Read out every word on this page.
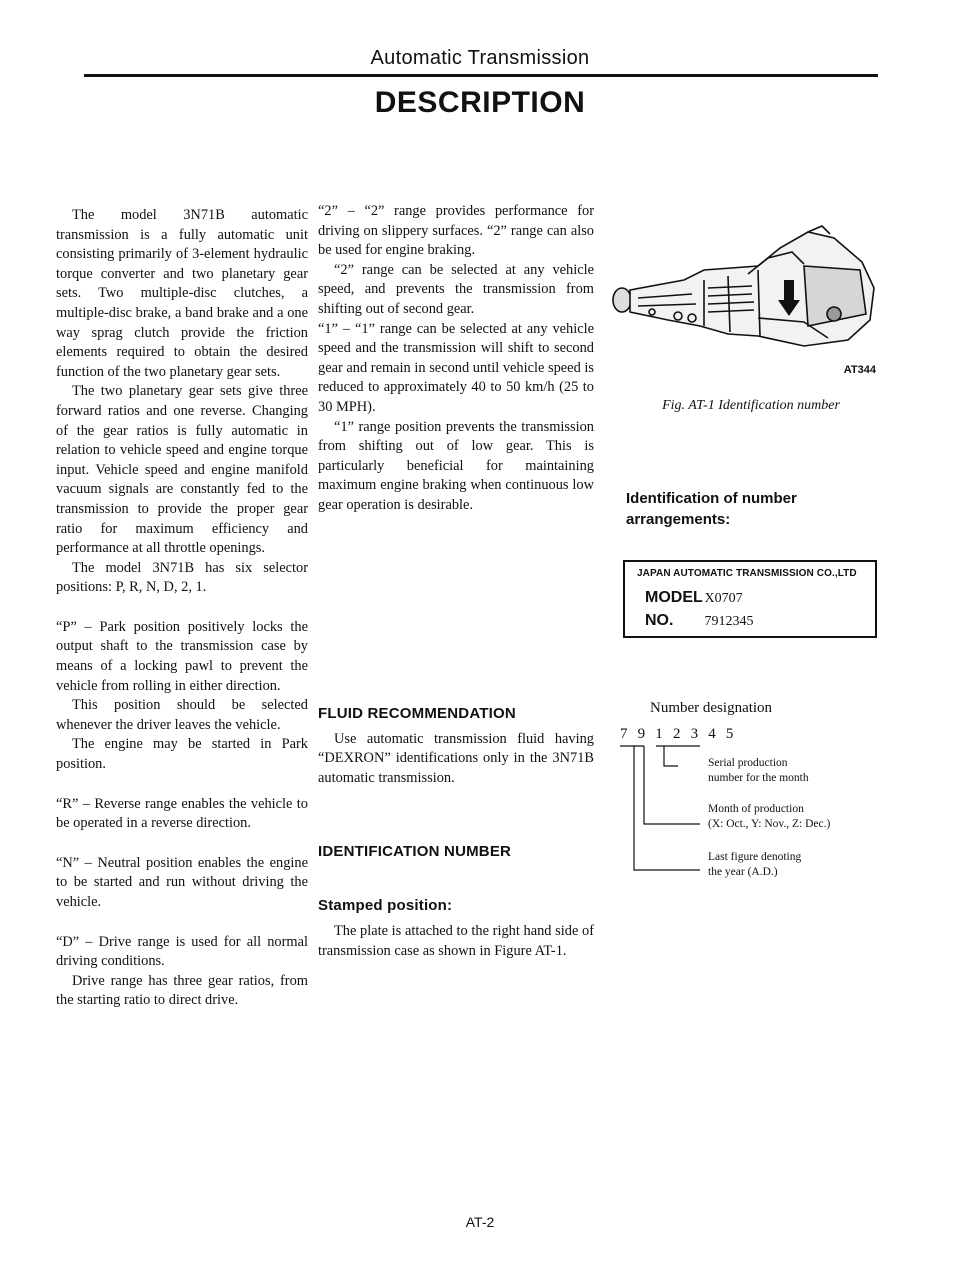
Automatic Transmission
DESCRIPTION

The model 3N71B automatic transmission is a fully automatic unit consisting primarily of 3-element hydraulic torque converter and two planetary gear sets. Two multiple-disc clutches, a multiple-disc brake, a band brake and a one way sprag clutch provide the friction elements required to obtain the desired function of the two planetary gear sets.

The two planetary gear sets give three forward ratios and one reverse. Changing of the gear ratios is fully automatic in relation to vehicle speed and engine torque input. Vehicle speed and engine manifold vacuum signals are constantly fed to the transmission to provide the proper gear ratio for maximum efficiency and performance at all throttle openings.

The model 3N71B has six selector positions: P, R, N, D, 2, 1.

“P” – Park position positively locks the output shaft to the transmission case by means of a locking pawl to prevent the vehicle from rolling in either direction.

This position should be selected whenever the driver leaves the vehicle.

The engine may be started in Park position.

“R” – Reverse range enables the vehicle to be operated in a reverse direction.

“N” – Neutral position enables the engine to be started and run without driving the vehicle.

“D” – Drive range is used for all normal driving conditions.

Drive range has three gear ratios, from the starting ratio to direct drive.

“2” – “2” range provides performance for driving on slippery surfaces. “2” range can also be used for engine braking.

“2” range can be selected at any vehicle speed, and prevents the transmission from shifting out of second gear.

“1” – “1” range can be selected at any vehicle speed and the transmission will shift to second gear and remain in second until vehicle speed is reduced to approximately 40 to 50 km/h (25 to 30 MPH).

“1” range position prevents the transmission from shifting out of low gear. This is particularly beneficial for maintaining maximum engine braking when continuous low gear operation is desirable.

FLUID RECOMMENDATION

Use automatic transmission fluid having “DEXRON” identifications only in the 3N71B automatic transmission.

IDENTIFICATION NUMBER
Stamped position:

The plate is attached to the right hand side of transmission case as shown in Figure AT-1.

AT344
Fig. AT-1 Identification number
Identification of number
arrangements:
JAPAN AUTOMATIC TRANSMISSION CO.,LTD
MODEL X0707
NO. 7912345
Number designation
7 9 1 2 3 4 5
Serial production
number for the month
Month of production
(X: Oct., Y: Nov., Z: Dec.)
Last figure denoting
the year (A.D.)
AT-2
